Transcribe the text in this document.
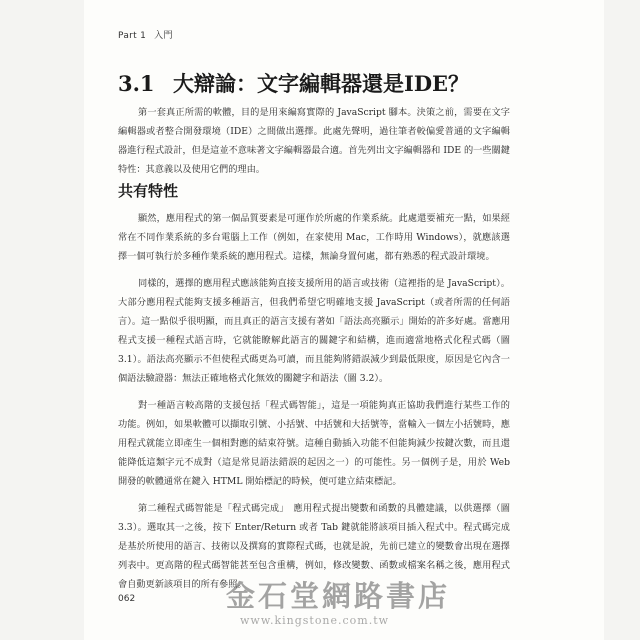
Part 1 入門
3.1 大辯論：文字編輯器還是IDE？

第一套真正所需的軟體，目的是用來編寫實際的 JavaScript 腳本。決策之前，需要在文字編輯器或者整合開發環境（IDE）之間做出選擇。此處先聲明，過往筆者較偏愛普通的文字編輯器進行程式設計，但是這並不意味著文字編輯器最合適。首先列出文字編輯器和 IDE 的一些關鍵特性：其意義以及使用它們的理由。

共有特性

顯然，應用程式的第一個品質要素是可運作於所處的作業系統。此處還要補充一點，如果經常在不同作業系統的多台電腦上工作（例如，在家使用 Mac，工作時用 Windows），就應該選擇一個可執行於多種作業系統的應用程式。這樣，無論身置何處，都有熟悉的程式設計環境。

同樣的，選擇的應用程式應該能夠直接支援所用的語言或技術（這裡指的是 JavaScript）。大部分應用程式能夠支援多種語言，但我們希望它明確地支援 JavaScript（或者所需的任何語言）。這一點似乎很明顯，而且真正的語言支援有著如「語法高亮顯示」開始的許多好處。當應用程式支援一種程式語言時，它就能瞭解此語言的關鍵字和結構，進而適當地格式化程式碼（圖 3.1）。語法高亮顯示不但使程式碼更為可讀，而且能夠將錯誤減少到最低限度，原因是它內含一個語法驗證器：無法正確地格式化無效的關鍵字和語法（圖 3.2）。

對一種語言較高階的支援包括「程式碼智能」，這是一項能夠真正協助我們進行某些工作的功能。例如，如果軟體可以擷取引號、小括號、中括號和大括號等，當輸入一個左小括號時，應用程式就能立即產生一個相對應的結束符號。這種自動插入功能不但能夠減少按鍵次數，而且還能降低這類字元不成對（這是常見語法錯誤的起因之一）的可能性。另一個例子是，用於 Web 開發的軟體通常在鍵入 HTML 開始標記的時候，便可建立結束標記。

第二種程式碼智能是「程式碼完成」　應用程式提出變數和函數的具體建議，以供選擇（圖 3.3）。選取其一之後，按下 Enter/Return 或者 Tab 鍵就能將該項目插入程式中。程式碼完成是基於所使用的語言、技術以及撰寫的實際程式碼，也就是說，先前已建立的變數會出現在選擇列表中。更高階的程式碼智能甚至包含重構，例如，修改變數、函數或檔案名稱之後，應用程式會自動更新該項目的所有參照。

062	金石堂網路書店
www.kingstone.com.tw
